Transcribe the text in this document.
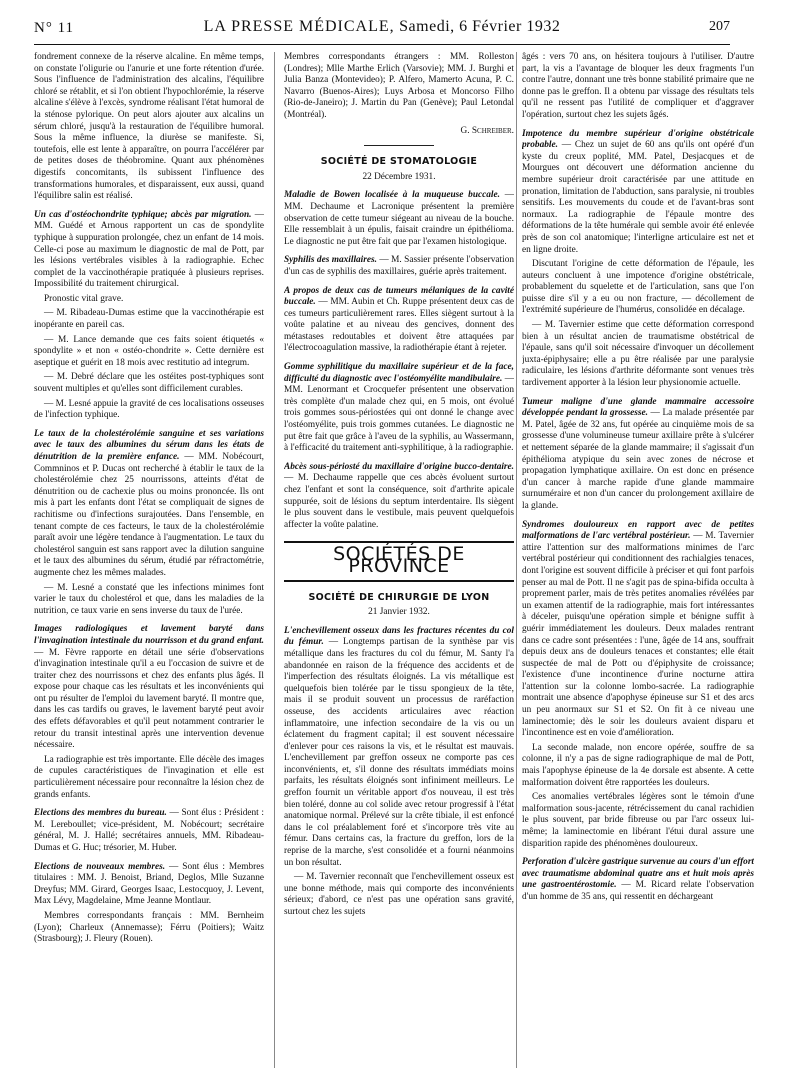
N° 11	LA PRESSE MÉDICALE, Samedi, 6 Février 1932	207

fondrement connexe de la réserve alcaline. En même temps, on constate l'oligurie ou l'anurie et une forte rétention d'urée. Sous l'influence de l'administration des alcalins, l'équilibre chloré se rétablit, et si l'on obtient l'hypochlorémie, la réserve alcaline s'élève à l'excès, syndrome réalisant l'état humoral de la sténose pylorique. On peut alors ajouter aux alcalins un sérum chloré, jusqu'à la restauration de l'équilibre humoral. Sous la même influence, la diurèse se manifeste. Si, toutefois, elle est lente à apparaître, on pourra l'accélérer par de petites doses de théobromine. Quant aux phénomènes digestifs concomitants, ils subissent l'influence des transformations humorales, et disparaissent, eux aussi, quand l'équilibre salin est réalisé.

Un cas d'ostéochondrite typhique; abcès par migration. — MM. Guédé et Arnous rapportent un cas de spondylite typhique à suppuration prolongée, chez un enfant de 14 mois. Celle-ci pose au maximum le diagnostic de mal de Pott, par les lésions vertébrales visibles à la radiographie. Echec complet de la vaccinothérapie pratiquée à plusieurs reprises. Impossibilité du traitement chirurgical.

Pronostic vital grave.

— M. Ribadeau-Dumas estime que la vaccinothérapie est inopérante en pareil cas.

— M. Lance demande que ces faits soient étiquetés « spondylite » et non « ostéo-chondrite ». Cette dernière est aseptique et guérit en 18 mois avec restitutio ad integrum.

— M. Debré déclare que les ostéites post-typhiques sont souvent multiples et qu'elles sont difficilement curables.

— M. Lesné appuie la gravité de ces localisations osseuses de l'infection typhique.

Le taux de la cholestérolémie sanguine et ses variations avec le taux des albumines du sérum dans les états de dénutrition de la première enfance. — MM. Nobécourt, Commninos et P. Ducas ont recherché à établir le taux de la cholestérolémie chez 25 nourrissons, atteints d'état de dénutrition ou de cachexie plus ou moins prononcée. Ils ont mis à part les enfants dont l'état se compliquait de signes de rachitisme ou d'infections surajoutées. Dans l'ensemble, en tenant compte de ces facteurs, le taux de la cholestérolémie paraît avoir une légère tendance à l'augmentation. Le taux du cholestérol sanguin est sans rapport avec la dilution sanguine et le taux des albumines du sérum, étudié par réfractométrie, augmente chez les mêmes malades.

— M. Lesné a constaté que les infections minimes font varier le taux du cholestérol et que, dans les maladies de la nutrition, ce taux varie en sens inverse du taux de l'urée.

Images radiologiques et lavement baryté dans l'invagination intestinale du nourrisson et du grand enfant. — M. Fèvre rapporte en détail une série d'observations d'invagination intestinale qu'il a eu l'occasion de suivre et de traiter chez des nourrissons et chez des enfants plus âgés. Il expose pour chaque cas les résultats et les inconvénients qui ont pu résulter de l'emploi du lavement baryté. Il montre que, dans les cas tardifs ou graves, le lavement baryté peut avoir des effets défavorables et qu'il peut notamment contrarier le retour du transit intestinal après une intervention devenue nécessaire.

La radiographie est très importante. Elle décèle des images de cupules caractéristiques de l'invagination et elle est particulièrement nécessaire pour reconnaître la lésion chez de grands enfants.

Elections des membres du bureau. — Sont élus : Président : M. Lereboullet; vice-président, M. Nobécourt; secrétaire général, M. J. Hallé; secrétaires annuels, MM. Ribadeau-Dumas et G. Huc; trésorier, M. Huber.

Elections de nouveaux membres. — Sont élus : Membres titulaires : MM. J. Benoist, Briand, Deglos, Mlle Suzanne Dreyfus; MM. Girard, Georges Isaac, Lestocquoy, J. Levent, Max Lévy, Magdelaine, Mme Jeanne Montlaur.

Membres correspondants français : MM. Bernheim (Lyon); Charleux (Annemasse); Férru (Poitiers); Waitz (Strasbourg); J. Fleury (Rouen).

Membres correspondants étrangers : MM. Rolleston (Londres); Mlle Marthe Erlich (Varsovie); MM. J. Burghi et Julia Banza (Montevideo); P. Alfero, Mamerto Acuna, P. C. Navarro (Buenos-Aires); Luys Arbosa et Moncorso Filho (Rio-de-Janeiro); J. Martin du Pan (Genève); Paul Letondal (Montréal).

G. Schreiber.

SOCIÉTÉ DE STOMATOLOGIE

22 Décembre 1931.

Maladie de Bowen localisée à la muqueuse buccale. — MM. Dechaume et Lacronique présentent la première observation de cette tumeur siégeant au niveau de la bouche. Elle ressemblait à un épulis, faisait craindre un épithélioma. Le diagnostic ne put être fait que par l'examen histologique.

Syphilis des maxillaires. — M. Sassier présente l'observation d'un cas de syphilis des maxillaires, guérie après traitement.

A propos de deux cas de tumeurs mélaniques de la cavité buccale. — MM. Aubin et Ch. Ruppe présentent deux cas de ces tumeurs particulièrement rares. Elles siègent surtout à la voûte palatine et au niveau des gencives, donnent des métastases redoutables et doivent être attaquées par l'électrocoagulation massive, la radiothérapie étant à rejeter.

Gomme syphilitique du maxillaire supérieur et de la face, difficulté du diagnostic avec l'ostéomyélite mandibulaire. — MM. Lenormant et Crocquefer présentent une observation très complète d'un malade chez qui, en 5 mois, ont évolué trois gommes sous-périostées qui ont donné le change avec l'ostéomyélite, puis trois gommes cutanées. Le diagnostic ne put être fait que grâce à l'aveu de la syphilis, au Wassermann, à l'efficacité du traitement anti-syphilitique, à la radiographie.

Abcès sous-périosté du maxillaire d'origine bucco-dentaire. — M. Dechaume rappelle que ces abcès évoluent surtout chez l'enfant et sont la conséquence, soit d'arthrite apicale suppurée, soit de lésions du septum interdentaire. Ils siègent le plus souvent dans le vestibule, mais peuvent quelquefois affecter la voûte palatine.

SOCIÉTÉS DE PROVINCE
SOCIÉTÉ DE CHIRURGIE DE LYON

21 Janvier 1932.

L'enchevillement osseux dans les fractures récentes du col du fémur. — Longtemps partisan de la synthèse par vis métallique dans les fractures du col du fémur, M. Santy l'a abandonnée en raison de la fréquence des accidents et de l'imperfection des résultats éloignés. La vis métallique est quelquefois bien tolérée par le tissu spongieux de la tête, mais il se produit souvent un processus de raréfaction osseuse, des accidents articulaires avec réaction inflammatoire, une infection secondaire de la vis ou un éclatement du fragment capital; il est souvent nécessaire d'enlever pour ces raisons la vis, et le résultat est mauvais. L'enchevillement par greffon osseux ne comporte pas ces inconvénients, et, s'il donne des résultats immédiats moins parfaits, les résultats éloignés sont infiniment meilleurs. Le greffon fournit un véritable apport d'os nouveau, il est très bien toléré, donne au col solide avec retour progressif à l'état anatomique normal. Prélevé sur la crête tibiale, il est enfoncé dans le col préalablement foré et s'incorpore très vite au fémur. Dans certains cas, la fracture du greffon, lors de la reprise de la marche, s'est consolidée et a fourni néanmoins un bon résultat.

— M. Tavernier reconnaît que l'enchevillement osseux est une bonne méthode, mais qui comporte des inconvénients sérieux; d'abord, ce n'est pas une opération sans gravité, surtout chez les sujets

âgés : vers 70 ans, on hésitera toujours à l'utiliser. D'autre part, la vis a l'avantage de bloquer les deux fragments l'un contre l'autre, donnant une très bonne stabilité primaire que ne donne pas le greffon. Il a obtenu par vissage des résultats tels qu'il ne ressent pas l'utilité de compliquer et d'aggraver l'opération, surtout chez les sujets âgés.

Impotence du membre supérieur d'origine obstétricale probable. — Chez un sujet de 60 ans qu'ils ont opéré d'un kyste du creux poplité, MM. Patel, Desjacques et de Mourgues ont découvert une déformation ancienne du membre supérieur droit caractérisée par une attitude en pronation, limitation de l'abduction, sans paralysie, ni troubles sensitifs. Les mouvements du coude et de l'avant-bras sont normaux. La radiographie de l'épaule montre des déformations de la tête humérale qui semble avoir été enlevée près de son col anatomique; l'interligne articulaire est net et en ligne droite.

Discutant l'origine de cette déformation de l'épaule, les auteurs concluent à une impotence d'origine obstétricale, probablement du squelette et de l'articulation, sans que l'on puisse dire s'il y a eu ou non fracture, — décollement de l'extrémité supérieure de l'humérus, consolidée en décalage.

— M. Tavernier estime que cette déformation correspond bien à un résultat ancien de traumatisme obstétrical de l'épaule, sans qu'il soit nécessaire d'invoquer un décollement juxta-épiphysaire; elle a pu être réalisée par une paralysie radiculaire, les lésions d'arthrite déformante sont venues très tardivement apporter à la lésion leur physionomie actuelle.

Tumeur maligne d'une glande mammaire accessoire développée pendant la grossesse. — La malade présentée par M. Patel, âgée de 32 ans, fut opérée au cinquième mois de sa grossesse d'une volumineuse tumeur axillaire prête à s'ulcérer et nettement séparée de la glande mammaire; il s'agissait d'un épithélioma atypique du sein avec zones de nécrose et propagation lymphatique axillaire. On est donc en présence d'un cancer à marche rapide d'une glande mammaire surnuméraire et non d'un cancer du prolongement axillaire de la glande.

Syndromes douloureux en rapport avec de petites malformations de l'arc vertébral postérieur. — M. Tavernier attire l'attention sur des malformations minimes de l'arc vertébral postérieur qui conditionnent des rachialgies tenaces, dont l'origine est souvent difficile à préciser et qui font parfois penser au mal de Pott. Il ne s'agit pas de spina-bifida occulta à proprement parler, mais de très petites anomalies révélées par un examen attentif de la radiographie, mais fort intéressantes à déceler, puisqu'une opération simple et bénigne suffit à guérir immédiatement les douleurs. Deux malades rentrant dans ce cadre sont présentées : l'une, âgée de 14 ans, souffrait depuis deux ans de douleurs tenaces et constantes; elle était suspectée de mal de Pott ou d'épiphysite de croissance; l'existence d'une incontinence d'urine nocturne attira l'attention sur la colonne lombo-sacrée. La radiographie montrait une absence d'apophyse épineuse sur S1 et des arcs un peu anormaux sur S1 et S2. On fit à ce niveau une laminectomie; dès le soir les douleurs avaient disparu et l'incontinence est en voie d'amélioration.

La seconde malade, non encore opérée, souffre de sa colonne, il n'y a pas de signe radiographique de mal de Pott, mais l'apophyse épineuse de la 4e dorsale est absente. A cette malformation doivent être rapportées les douleurs.

Ces anomalies vertébrales légères sont le témoin d'une malformation sous-jacente, rétrécissement du canal rachidien le plus souvent, par bride fibreuse ou par l'arc osseux lui-même; la laminectomie en libérant l'étui dural assure une disparition rapide des phénomènes douloureux.

Perforation d'ulcère gastrique survenue au cours d'un effort avec traumatisme abdominal quatre ans et huit mois après une gastroentérostomie. — M. Ricard relate l'observation d'un homme de 35 ans, qui ressentit en déchargeant
